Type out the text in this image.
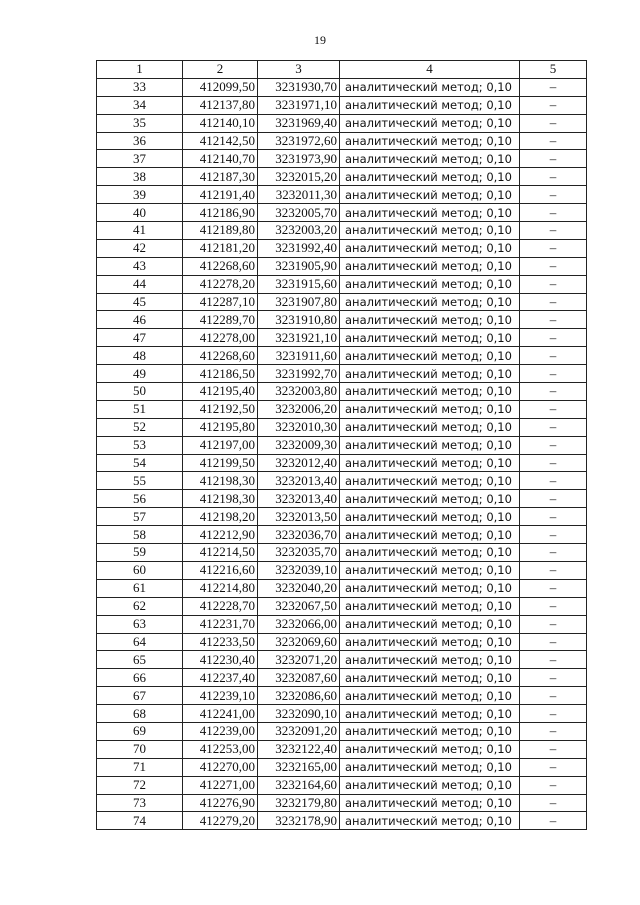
19
1	2	3	4	5
33	412099,50	3231930,70	аналитический метод; 0,10	–
34	412137,80	3231971,10	аналитический метод; 0,10	–
35	412140,10	3231969,40	аналитический метод; 0,10	–
36	412142,50	3231972,60	аналитический метод; 0,10	–
37	412140,70	3231973,90	аналитический метод; 0,10	–
38	412187,30	3232015,20	аналитический метод; 0,10	–
39	412191,40	3232011,30	аналитический метод; 0,10	–
40	412186,90	3232005,70	аналитический метод; 0,10	–
41	412189,80	3232003,20	аналитический метод; 0,10	–
42	412181,20	3231992,40	аналитический метод; 0,10	–
43	412268,60	3231905,90	аналитический метод; 0,10	–
44	412278,20	3231915,60	аналитический метод; 0,10	–
45	412287,10	3231907,80	аналитический метод; 0,10	–
46	412289,70	3231910,80	аналитический метод; 0,10	–
47	412278,00	3231921,10	аналитический метод; 0,10	–
48	412268,60	3231911,60	аналитический метод; 0,10	–
49	412186,50	3231992,70	аналитический метод; 0,10	–
50	412195,40	3232003,80	аналитический метод; 0,10	–
51	412192,50	3232006,20	аналитический метод; 0,10	–
52	412195,80	3232010,30	аналитический метод; 0,10	–
53	412197,00	3232009,30	аналитический метод; 0,10	–
54	412199,50	3232012,40	аналитический метод; 0,10	–
55	412198,30	3232013,40	аналитический метод; 0,10	–
56	412198,30	3232013,40	аналитический метод; 0,10	–
57	412198,20	3232013,50	аналитический метод; 0,10	–
58	412212,90	3232036,70	аналитический метод; 0,10	–
59	412214,50	3232035,70	аналитический метод; 0,10	–
60	412216,60	3232039,10	аналитический метод; 0,10	–
61	412214,80	3232040,20	аналитический метод; 0,10	–
62	412228,70	3232067,50	аналитический метод; 0,10	–
63	412231,70	3232066,00	аналитический метод; 0,10	–
64	412233,50	3232069,60	аналитический метод; 0,10	–
65	412230,40	3232071,20	аналитический метод; 0,10	–
66	412237,40	3232087,60	аналитический метод; 0,10	–
67	412239,10	3232086,60	аналитический метод; 0,10	–
68	412241,00	3232090,10	аналитический метод; 0,10	–
69	412239,00	3232091,20	аналитический метод; 0,10	–
70	412253,00	3232122,40	аналитический метод; 0,10	–
71	412270,00	3232165,00	аналитический метод; 0,10	–
72	412271,00	3232164,60	аналитический метод; 0,10	–
73	412276,90	3232179,80	аналитический метод; 0,10	–
74	412279,20	3232178,90	аналитический метод; 0,10	–
